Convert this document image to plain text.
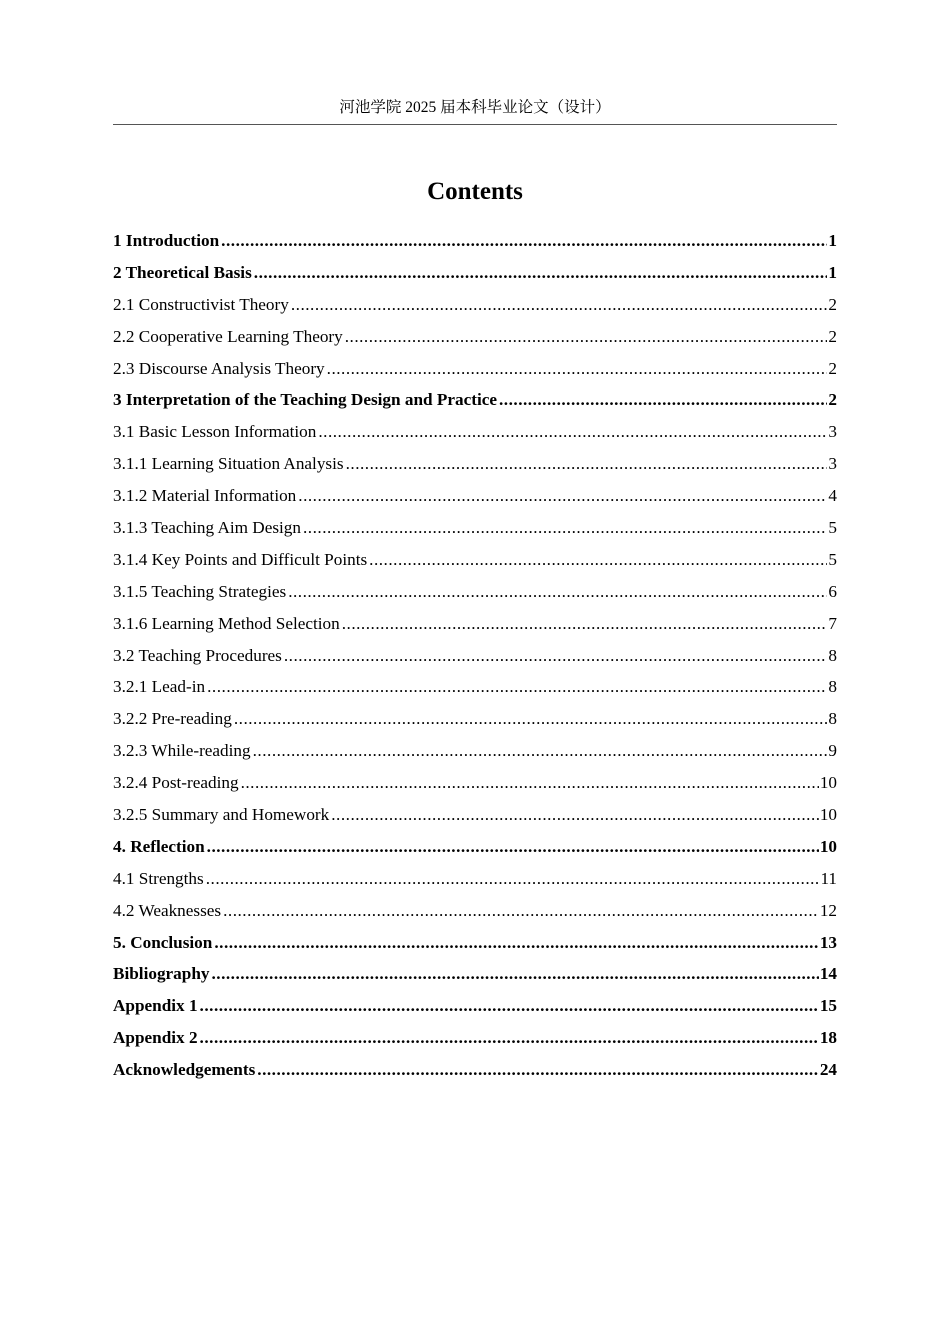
河池学院 2025 届本科毕业论文（设计）
Contents
1 Introduction .....	1
2 Theoretical Basis .....	1
2.1 Constructivist Theory .....	2
2.2 Cooperative Learning Theory .....	2
2.3 Discourse Analysis Theory .....	2
3 Interpretation of the Teaching Design and Practice .....	2
3.1 Basic Lesson Information .....	3
3.1.1 Learning Situation Analysis .....	3
3.1.2 Material Information .....	4
3.1.3 Teaching Aim Design .....	5
3.1.4 Key Points and Difficult Points .....	5
3.1.5 Teaching Strategies .....	6
3.1.6 Learning Method Selection .....	7
3.2 Teaching Procedures .....	8
3.2.1 Lead-in .....	8
3.2.2 Pre-reading .....	8
3.2.3 While-reading .....	9
3.2.4 Post-reading .....	10
3.2.5 Summary and Homework .....	10
4. Reflection .....	10
4.1 Strengths .....	11
4.2 Weaknesses .....	12
5. Conclusion .....	13
Bibliography .....	14
Appendix 1 .....	15
Appendix 2 .....	18
Acknowledgements .....	24
